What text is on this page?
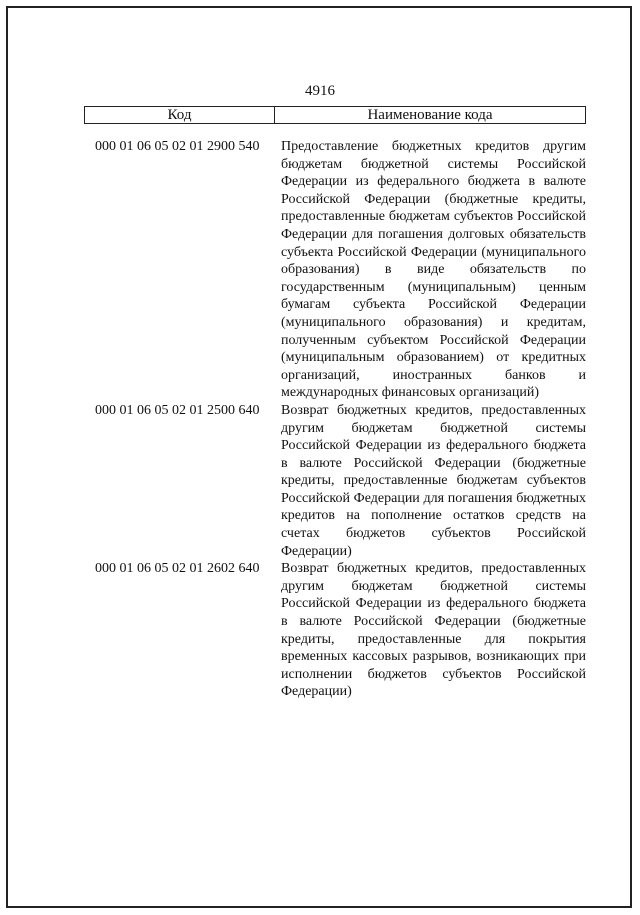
4916
Код	Наименование кода
000 01 06 05 02 01 2900 540	Предоставление бюджетных кредитов другим бюджетам бюджетной системы Российской Федерации из федерального бюджета в валюте Российской Федерации (бюджетные кредиты, предоставленные бюджетам субъектов Российской Федерации для погашения долговых обязательств субъекта Российской Федерации (муниципального образования) в виде обязательств по государственным (муниципальным) ценным бумагам субъекта Российской Федерации (муниципального образования) и кредитам, полученным субъектом Российской Федерации (муниципальным образованием) от кредитных организаций, иностранных банков и международных финансовых организаций)
000 01 06 05 02 01 2500 640	Возврат бюджетных кредитов, предоставленных другим бюджетам бюджетной системы Российской Федерации из федерального бюджета в валюте Российской Федерации (бюджетные кредиты, предоставленные бюджетам субъектов Российской Федерации для погашения бюджетных кредитов на пополнение остатков средств на счетах бюджетов субъектов Российской Федерации)
000 01 06 05 02 01 2602 640	Возврат бюджетных кредитов, предоставленных другим бюджетам бюджетной системы Российской Федерации из федерального бюджета в валюте Российской Федерации (бюджетные кредиты, предоставленные для покрытия временных кассовых разрывов, возникающих при исполнении бюджетов субъектов Российской Федерации)
